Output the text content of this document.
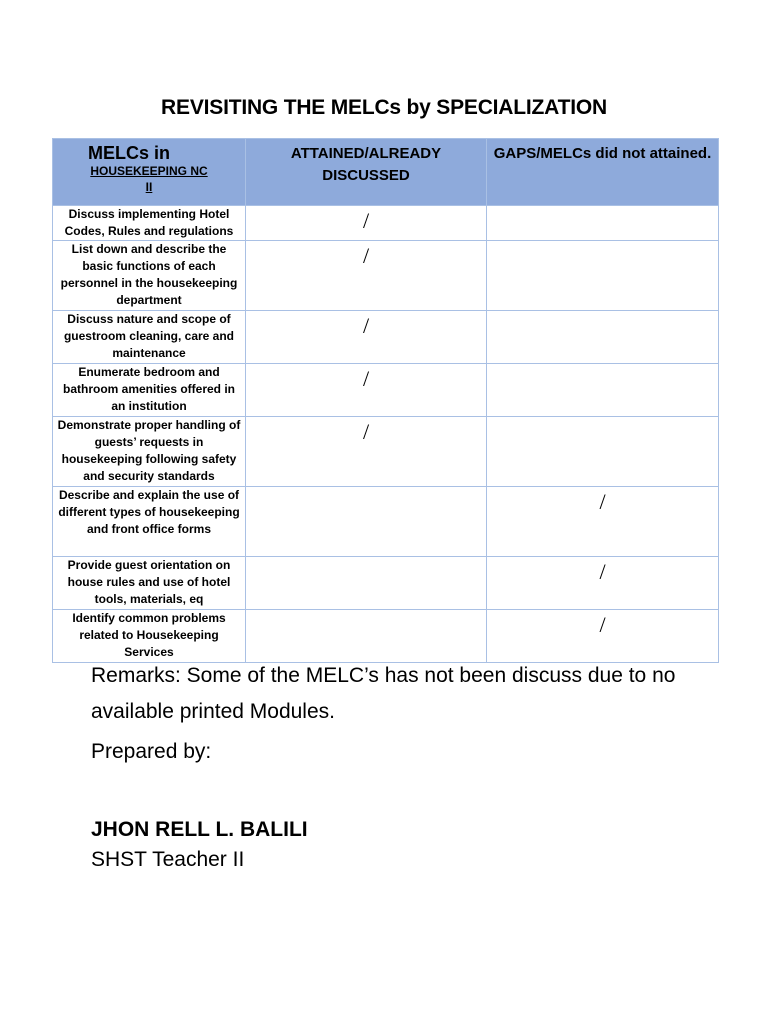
REVISITING THE MELCs by SPECIALIZATION
MELCs in
HOUSEKEEPING NC
II	ATTAINED/ALREADY DISCUSSED	GAPS/MELCs did not attained.

Discuss implementing Hotel Codes, Rules and regulations	/	

List down and describe the basic functions of each personnel in the housekeeping department	/	

Discuss nature and scope of guestroom cleaning, care and maintenance	/	

Enumerate bedroom and bathroom amenities offered in an institution	/	

Demonstrate proper handling of guests’ requests in housekeeping following safety and security standards	/	

Describe and explain the use of different types of housekeeping and front office forms		/

Provide guest orientation on house rules and use of hotel tools, materials, eq		/

Identify common problems related to Housekeeping Services		/
Remarks: Some of the MELC’s has not been discuss due to no available printed Modules.
Prepared by:
JHON RELL L. BALILI
SHST Teacher II
